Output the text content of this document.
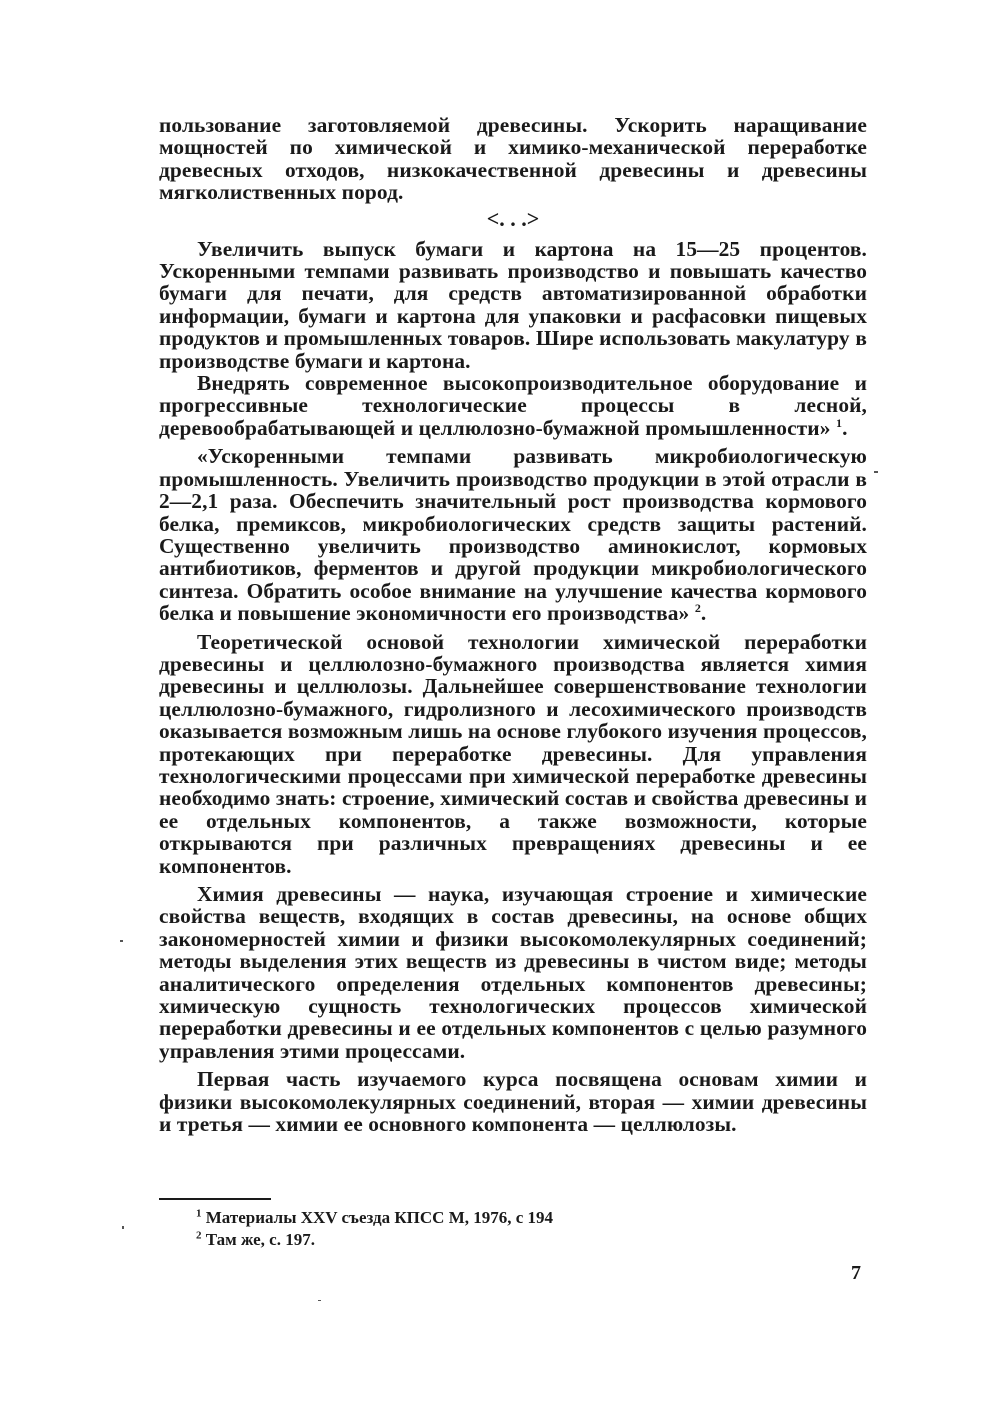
пользование заготовляемой древесины. Ускорить наращивание мощностей по химической и химико-механической переработке древесных отходов, низкокачественной древесины и древесины мягколиственных пород.

<. . .>

Увеличить выпуск бумаги и картона на 15—25 процентов. Ускоренными темпами развивать производство и повышать качество бумаги для печати, для средств автоматизированной обработки информации, бумаги и картона для упаковки и расфасовки пищевых продуктов и промышленных товаров. Шире использовать макулатуру в производстве бумаги и картона.

Внедрять современное высокопроизводительное оборудование и прогрессивные технологические процессы в лесной, деревообрабатывающей и целлюлозно-бумажной промышленности» $^1$.

«Ускоренными темпами развивать микробиологическую промышленность. Увеличить производство продукции в этой отрасли в 2—2,1 раза. Обеспечить значительный рост производства кормового белка, премиксов, микробиологических средств защиты растений. Существенно увеличить производство аминокислот, кормовых антибиотиков, ферментов и другой продукции микробиологического синтеза. Обратить особое внимание на улучшение качества кормового белка и повышение экономичности его производства» $^2$.

Теоретической основой технологии химической переработки древесины и целлюлозно-бумажного производства является химия древесины и целлюлозы. Дальнейшее совершенствование технологии целлюлозно-бумажного, гидролизного и лесохимического производств оказывается возможным лишь на основе глубокого изучения процессов, протекающих при переработке древесины. Для управления технологическими процессами при химической переработке древесины необходимо знать: строение, химический состав и свойства древесины и ее отдельных компонентов, а также возможности, которые открываются при различных превращениях древесины и ее компонентов.

Химия древесины — наука, изучающая строение и химические свойства веществ, входящих в состав древесины, на основе общих закономерностей химии и физики высокомолекулярных соединений; методы выделения этих веществ из древесины в чистом виде; методы аналитического определения отдельных компонентов древесины; химическую сущность технологических процессов химической переработки древесины и ее отдельных компонентов с целью разумного управления этими процессами.

Первая часть изучаемого курса посвящена основам химии и физики высокомолекулярных соединений, вторая — химии древесины и третья — химии ее основного компонента — целлюлозы.

$^1$ Материалы XXV съезда КПСС М, 1976, с 194
$^2$ Там же, с. 197.
7
